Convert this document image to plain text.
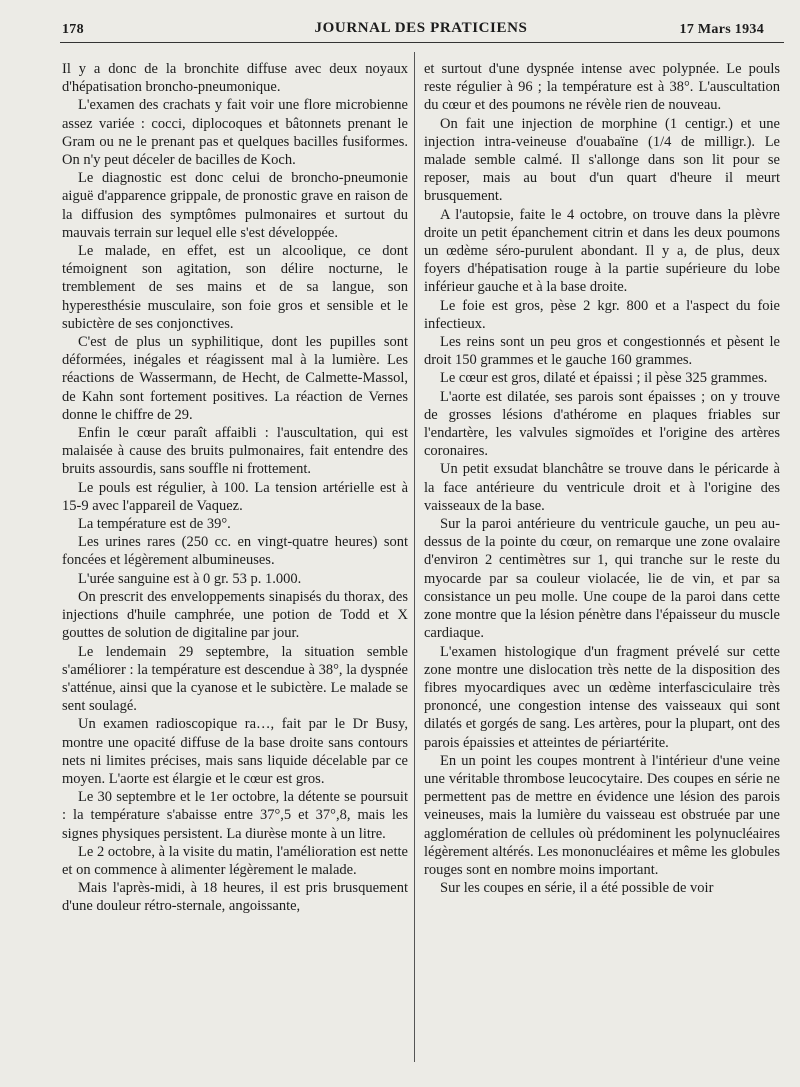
178	JOURNAL DES PRATICIENS	17 Mars 1934

Il y a donc de la bronchite diffuse avec deux noyaux d'hépatisation broncho-pneumonique.

L'examen des crachats y fait voir une flore microbienne assez variée : cocci, diplocoques et bâtonnets prenant le Gram ou ne le prenant pas et quelques bacilles fusiformes. On n'y peut déceler de bacilles de Koch.

Le diagnostic est donc celui de broncho-pneumonie aiguë d'apparence grippale, de pronostic grave en raison de la diffusion des symptômes pulmonaires et surtout du mauvais terrain sur lequel elle s'est développée.

Le malade, en effet, est un alcoolique, ce dont témoignent son agitation, son délire nocturne, le tremblement de ses mains et de sa langue, son hyperesthésie musculaire, son foie gros et sensible et le subictère de ses conjonctives.

C'est de plus un syphilitique, dont les pupilles sont déformées, inégales et réagissent mal à la lumière. Les réactions de Wassermann, de Hecht, de Calmette-Massol, de Kahn sont fortement positives. La réaction de Vernes donne le chiffre de 29.

Enfin le cœur paraît affaibli : l'auscultation, qui est malaisée à cause des bruits pulmonaires, fait entendre des bruits assourdis, sans souffle ni frottement.

Le pouls est régulier, à 100. La tension artérielle est à 15-9 avec l'appareil de Vaquez.

La température est de 39°.

Les urines rares (250 cc. en vingt-quatre heures) sont foncées et légèrement albumineuses.

L'urée sanguine est à 0 gr. 53 p. 1.000.

On prescrit des enveloppements sinapisés du thorax, des injections d'huile camphrée, une potion de Todd et X gouttes de solution de digitaline par jour.

Le lendemain 29 septembre, la situation semble s'améliorer : la température est descendue à 38°, la dyspnée s'atténue, ainsi que la cyanose et le subictère. Le malade se sent soulagé.

Un examen radioscopique ra…, fait par le Dr Busy, montre une opacité diffuse de la base droite sans contours nets ni limites précises, mais sans liquide décelable par ce moyen. L'aorte est élargie et le cœur est gros.

Le 30 septembre et le 1er octobre, la détente se poursuit : la température s'abaisse entre 37°,5 et 37°,8, mais les signes physiques persistent. La diurèse monte à un litre.

Le 2 octobre, à la visite du matin, l'amélioration est nette et on commence à alimenter légèrement le malade.

Mais l'après-midi, à 18 heures, il est pris brusquement d'une douleur rétro-sternale, angoissante,

et surtout d'une dyspnée intense avec polypnée. Le pouls reste régulier à 96 ; la température est à 38°. L'auscultation du cœur et des poumons ne révèle rien de nouveau.

On fait une injection de morphine (1 centigr.) et une injection intra-veineuse d'ouabaïne (1/4 de milligr.). Le malade semble calmé. Il s'allonge dans son lit pour se reposer, mais au bout d'un quart d'heure il meurt brusquement.

A l'autopsie, faite le 4 octobre, on trouve dans la plèvre droite un petit épanchement citrin et dans les deux poumons un œdème séro-purulent abondant. Il y a, de plus, deux foyers d'hépatisation rouge à la partie supérieure du lobe inférieur gauche et à la base droite.

Le foie est gros, pèse 2 kgr. 800 et a l'aspect du foie infectieux.

Les reins sont un peu gros et congestionnés et pèsent le droit 150 grammes et le gauche 160 grammes.

Le cœur est gros, dilaté et épaissi ; il pèse 325 grammes.

L'aorte est dilatée, ses parois sont épaisses ; on y trouve de grosses lésions d'athérome en plaques friables sur l'endartère, les valvules sigmoïdes et l'origine des artères coronaires.

Un petit exsudat blanchâtre se trouve dans le péricarde à la face antérieure du ventricule droit et à l'origine des vaisseaux de la base.

Sur la paroi antérieure du ventricule gauche, un peu au-dessus de la pointe du cœur, on remarque une zone ovalaire d'environ 2 centimètres sur 1, qui tranche sur le reste du myocarde par sa couleur violacée, lie de vin, et par sa consistance un peu molle. Une coupe de la paroi dans cette zone montre que la lésion pénètre dans l'épaisseur du muscle cardiaque.

L'examen histologique d'un fragment prévelé sur cette zone montre une dislocation très nette de la disposition des fibres myocardiques avec un œdème interfasciculaire très prononcé, une congestion intense des vaisseaux qui sont dilatés et gorgés de sang. Les artères, pour la plupart, ont des parois épaissies et atteintes de périartérite.

En un point les coupes montrent à l'intérieur d'une veine une véritable thrombose leucocytaire. Des coupes en série ne permettent pas de mettre en évidence une lésion des parois veineuses, mais la lumière du vaisseau est obstruée par une agglomération de cellules où prédominent les polynucléaires légèrement altérés. Les mononucléaires et même les globules rouges sont en nombre moins important.

Sur les coupes en série, il a été possible de voir
